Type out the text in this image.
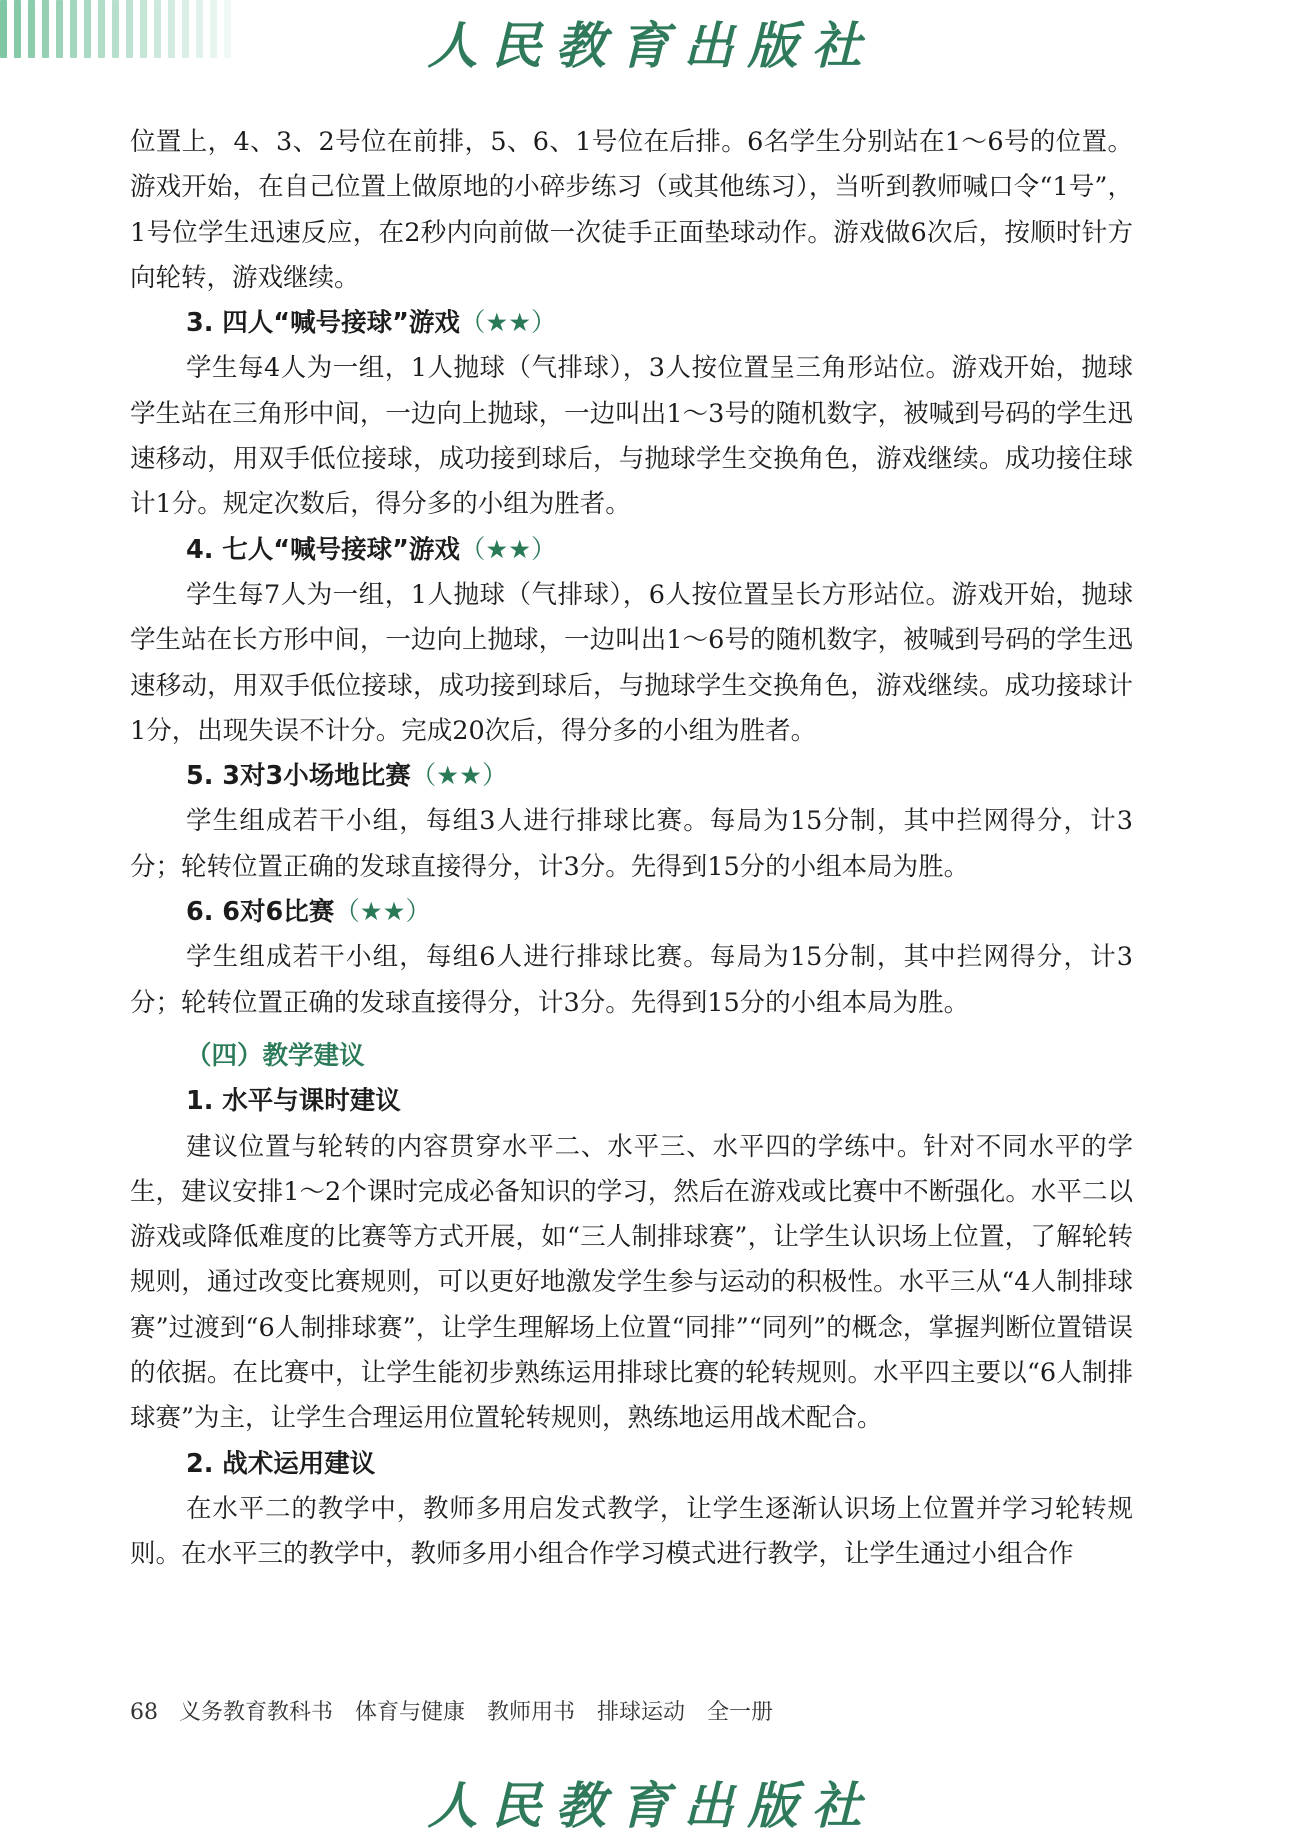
人民教育出版社

位置上，4、3、2号位在前排，5、6、1号位在后排。6名学生分别站在1～6号的位置。游戏开始，在自己位置上做原地的小碎步练习（或其他练习），当听到教师喊口令“1号”，1号位学生迅速反应，在2秒内向前做一次徒手正面垫球动作。游戏做6次后，按顺时针方向轮转，游戏继续。

3. 四人“喊号接球”游戏（★★）

学生每4人为一组，1人抛球（气排球），3人按位置呈三角形站位。游戏开始，抛球学生站在三角形中间，一边向上抛球，一边叫出1～3号的随机数字，被喊到号码的学生迅速移动，用双手低位接球，成功接到球后，与抛球学生交换角色，游戏继续。成功接住球计1分。规定次数后，得分多的小组为胜者。

4. 七人“喊号接球”游戏（★★）

学生每7人为一组，1人抛球（气排球），6人按位置呈长方形站位。游戏开始，抛球学生站在长方形中间，一边向上抛球，一边叫出1～6号的随机数字，被喊到号码的学生迅速移动，用双手低位接球，成功接到球后，与抛球学生交换角色，游戏继续。成功接球计1分，出现失误不计分。完成20次后，得分多的小组为胜者。

5. 3对3小场地比赛（★★）

学生组成若干小组，每组3人进行排球比赛。每局为15分制，其中拦网得分，计3分；轮转位置正确的发球直接得分，计3分。先得到15分的小组本局为胜。

6. 6对6比赛（★★）

学生组成若干小组，每组6人进行排球比赛。每局为15分制，其中拦网得分，计3分；轮转位置正确的发球直接得分，计3分。先得到15分的小组本局为胜。

（四）教学建议

1. 水平与课时建议

建议位置与轮转的内容贯穿水平二、水平三、水平四的学练中。针对不同水平的学生，建议安排1～2个课时完成必备知识的学习，然后在游戏或比赛中不断强化。水平二以游戏或降低难度的比赛等方式开展，如“三人制排球赛”，让学生认识场上位置，了解轮转规则，通过改变比赛规则，可以更好地激发学生参与运动的积极性。水平三从“4人制排球赛”过渡到“6人制排球赛”，让学生理解场上位置“同排”“同列”的概念，掌握判断位置错误的依据。在比赛中，让学生能初步熟练运用排球比赛的轮转规则。水平四主要以“6人制排球赛”为主，让学生合理运用位置轮转规则，熟练地运用战术配合。

2. 战术运用建议

在水平二的教学中，教师多用启发式教学，让学生逐渐认识场上位置并学习轮转规则。在水平三的教学中，教师多用小组合作学习模式进行教学，让学生通过小组合作

68 义务教育教科书　体育与健康　教师用书　排球运动　全一册
人民教育出版社
